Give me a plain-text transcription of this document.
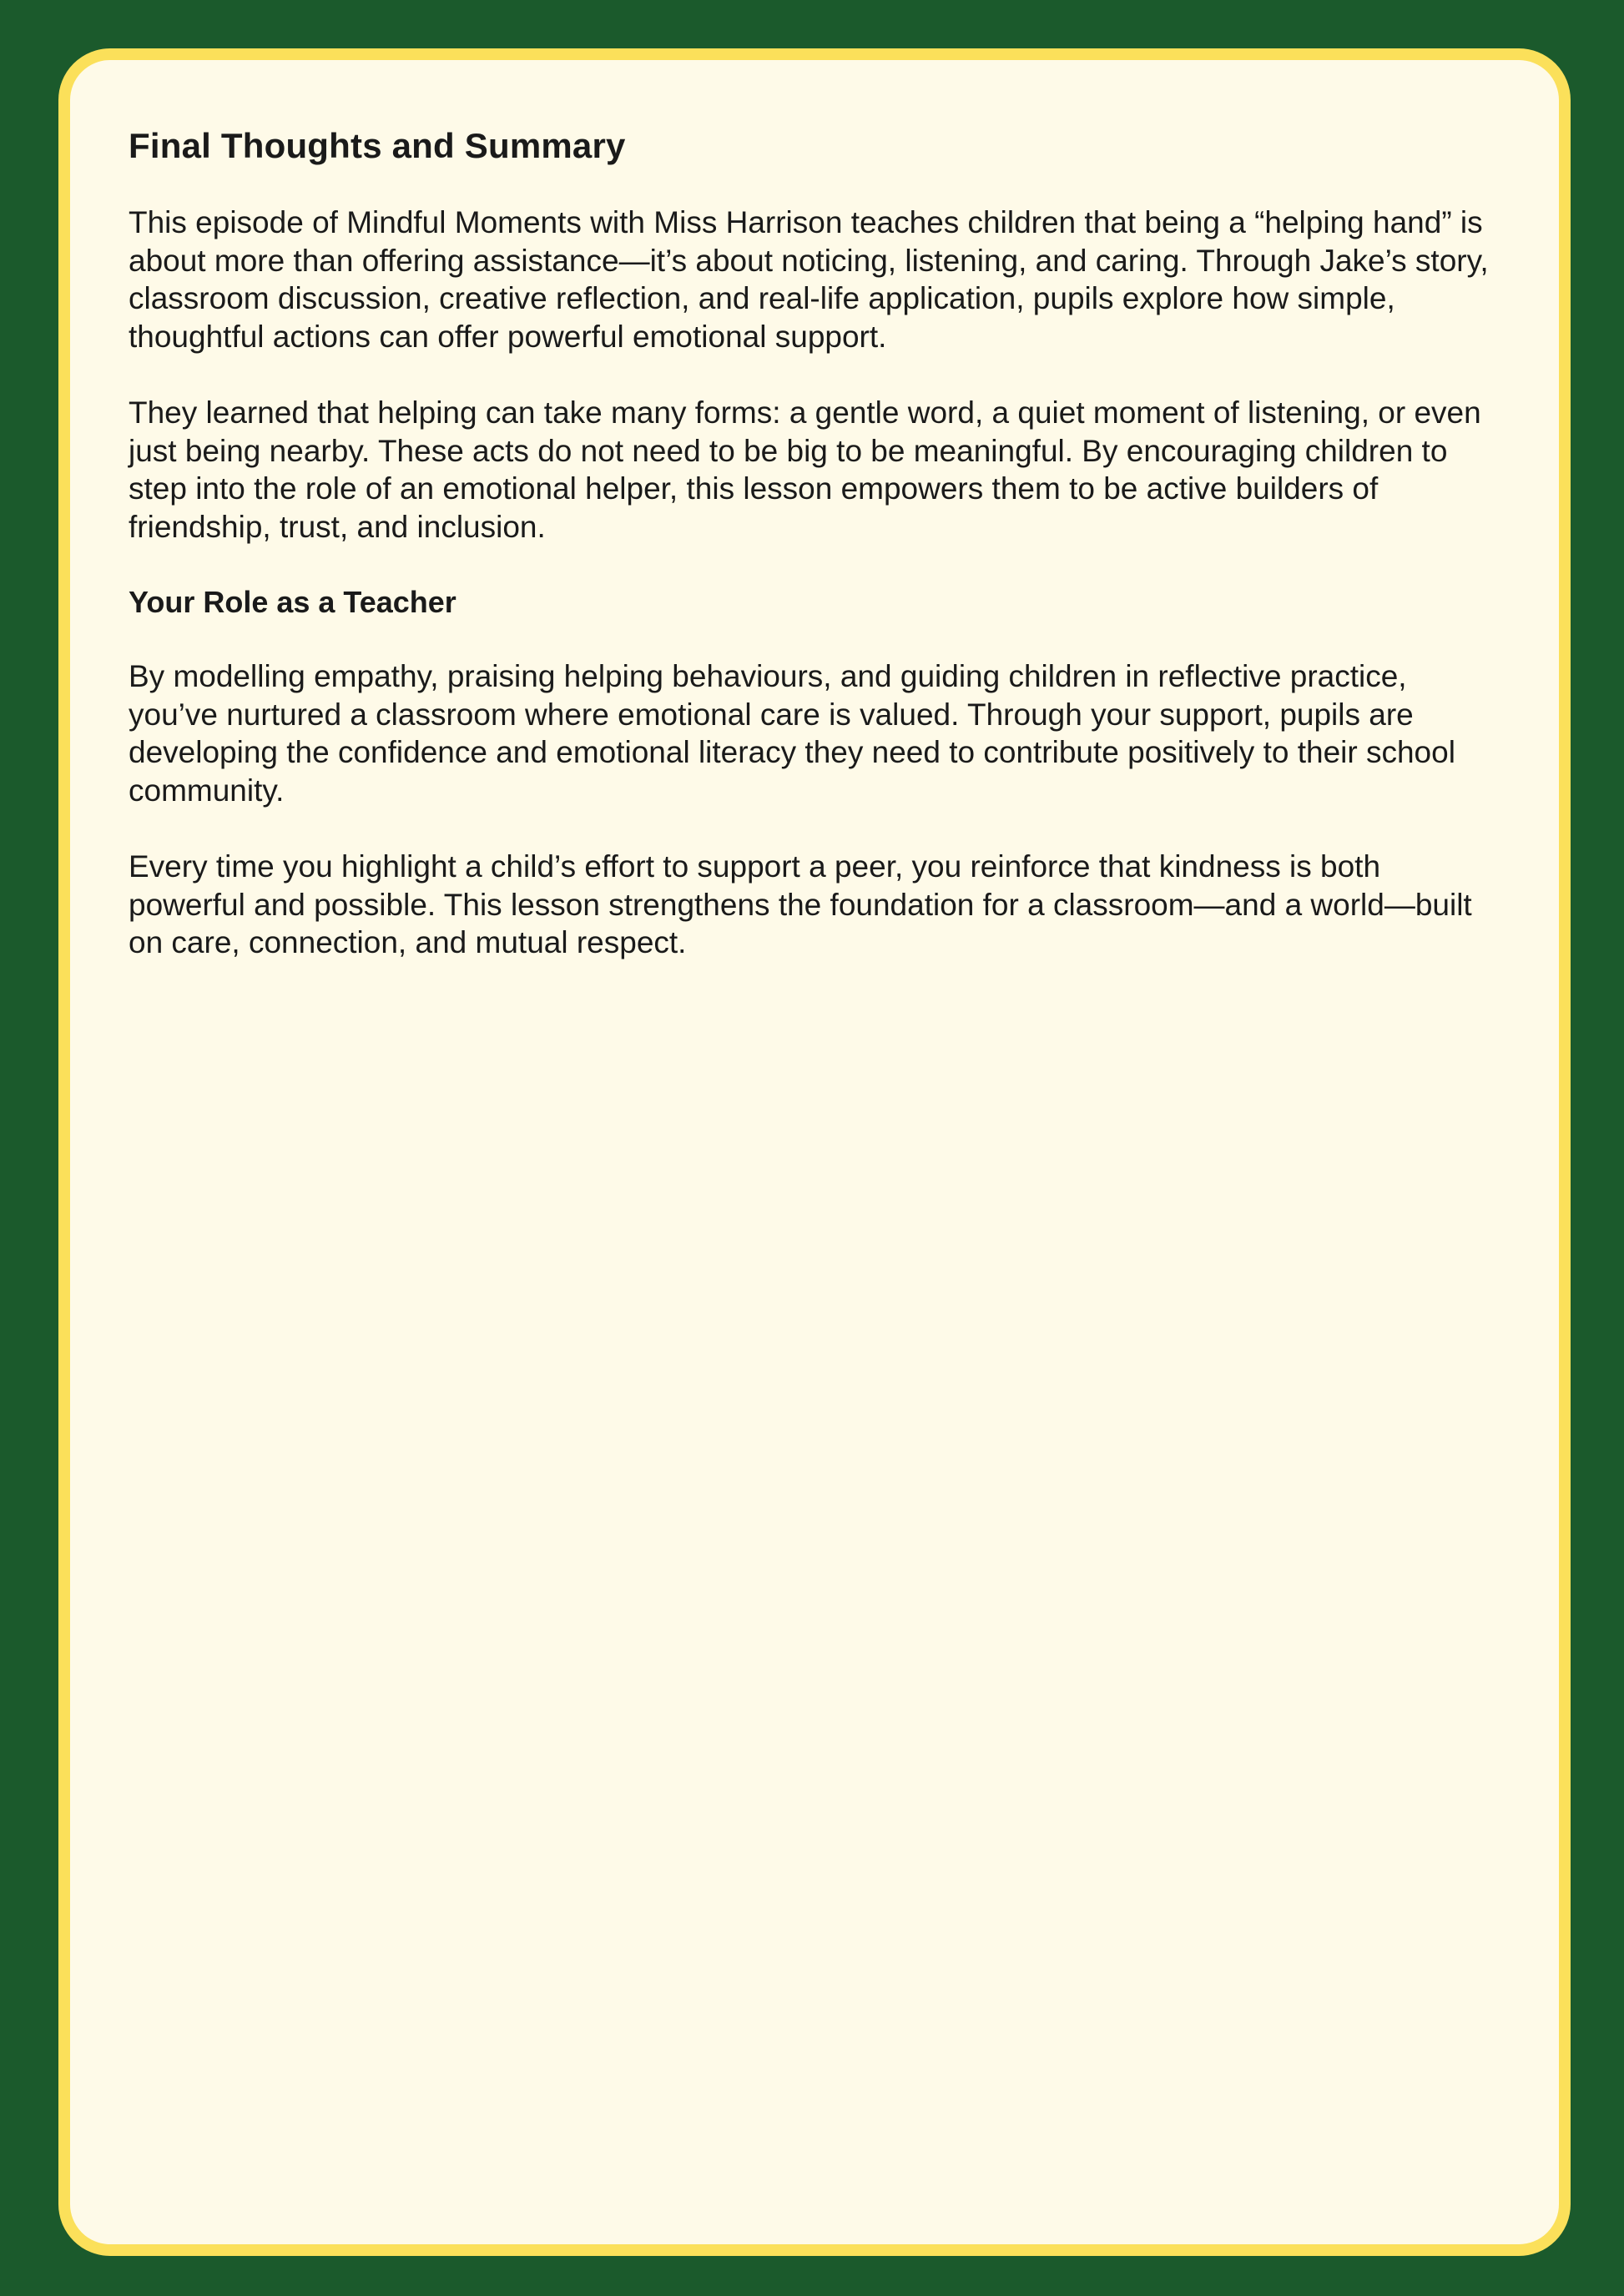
Final Thoughts and Summary

This episode of Mindful Moments with Miss Harrison teaches children that being a “helping hand” is about more than offering assistance—it’s about noticing, listening, and caring. Through Jake’s story, classroom discussion, creative reflection, and real-life application, pupils explore how simple, thoughtful actions can offer powerful emotional support.

They learned that helping can take many forms: a gentle word, a quiet moment of listening, or even just being nearby. These acts do not need to be big to be meaningful. By encouraging children to step into the role of an emotional helper, this lesson empowers them to be active builders of friendship, trust, and inclusion.

Your Role as a Teacher

By modelling empathy, praising helping behaviours, and guiding children in reflective practice, you’ve nurtured a classroom where emotional care is valued. Through your support, pupils are developing the confidence and emotional literacy they need to contribute positively to their school community.

Every time you highlight a child’s effort to support a peer, you reinforce that kindness is both powerful and possible. This lesson strengthens the foundation for a classroom—and a world—built on care, connection, and mutual respect.
